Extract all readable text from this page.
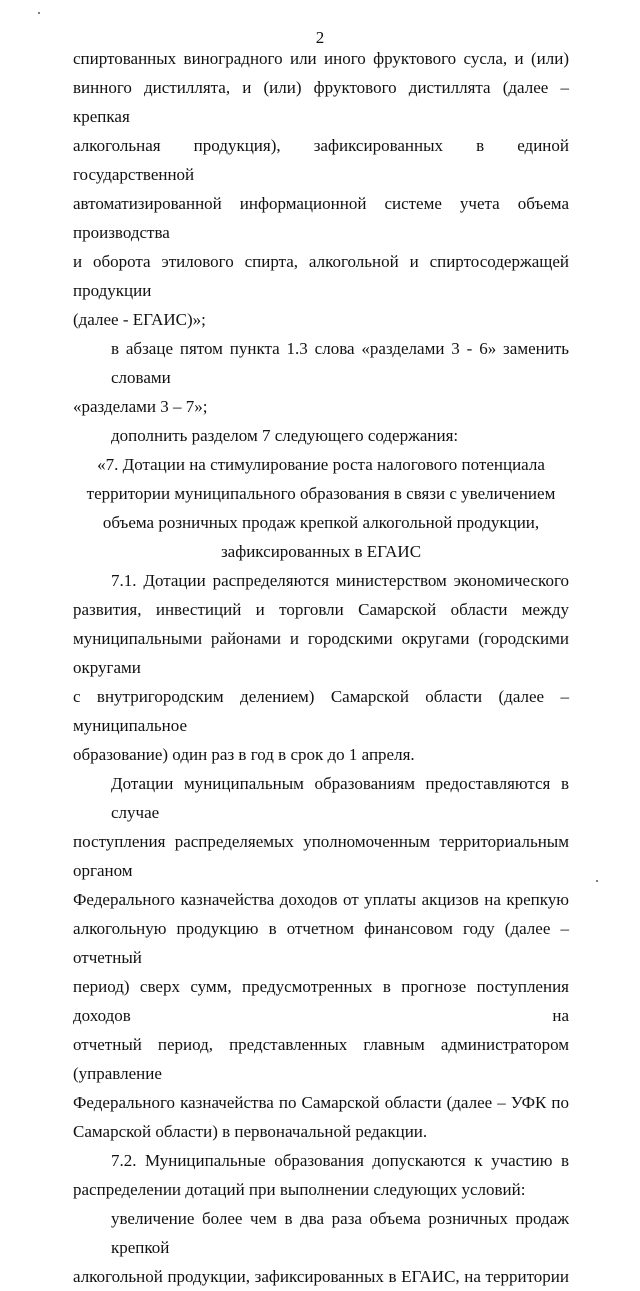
2
спиртованных виноградного или иного фруктового сусла, и (или)
винного дистиллята, и (или) фруктового дистиллята (далее – крепкая
алкогольная продукция), зафиксированных в единой государственной
автоматизированной информационной системе учета объема производства
и оборота этилового спирта, алкогольной и спиртосодержащей продукции
(далее - ЕГАИС)»;
в абзаце пятом пункта 1.3 слова «разделами 3 - 6» заменить словами
«разделами 3 – 7»;
дополнить разделом 7 следующего содержания:
«7. Дотации на стимулирование роста налогового потенциала
территории муниципального образования в связи с увеличением
объема розничных продаж крепкой алкогольной продукции,
зафиксированных в ЕГАИС
7.1. Дотации распределяются министерством экономического
развития, инвестиций и торговли Самарской области между
муниципальными районами и городскими округами (городскими округами
с внутригородским делением) Самарской области (далее – муниципальное
образование) один раз в год в срок до 1 апреля.
Дотации муниципальным образованиям предоставляются в случае
поступления распределяемых уполномоченным территориальным органом
Федерального казначейства доходов от уплаты акцизов на крепкую
алкогольную продукцию в отчетном финансовом году (далее – отчетный
период) сверх сумм, предусмотренных в прогнозе поступления доходов на
отчетный период, представленных главным администратором (управление
Федерального казначейства по Самарской области (далее – УФК по
Самарской области) в первоначальной редакции.
7.2. Муниципальные образования допускаются к участию в
распределении дотаций при выполнении следующих условий:
увеличение более чем в два раза объема розничных продаж крепкой
алкогольной продукции, зафиксированных в ЕГАИС, на территории
